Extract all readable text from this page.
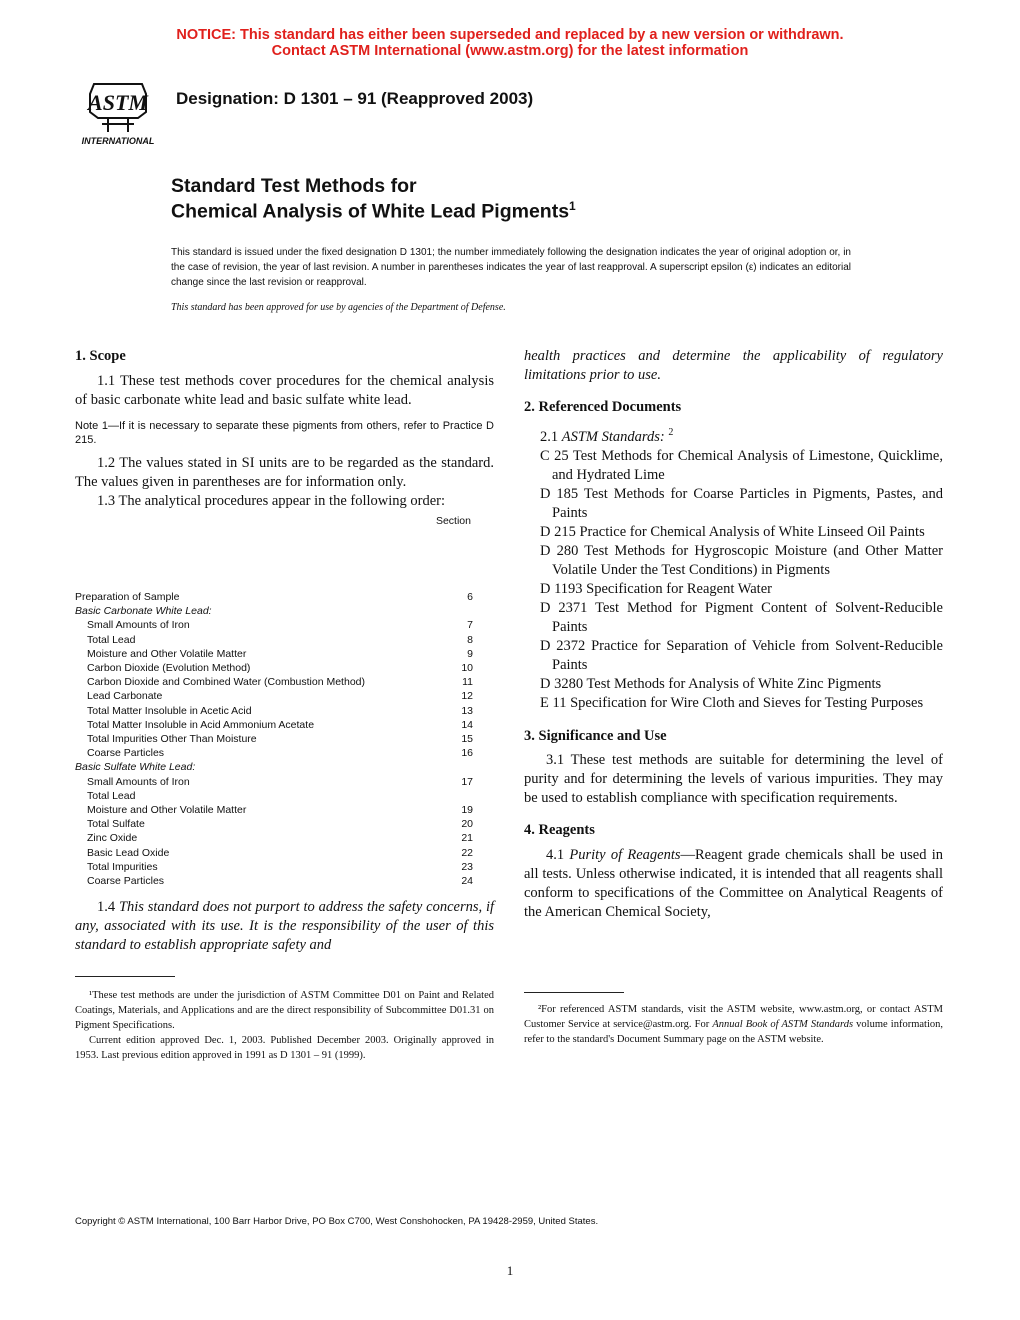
NOTICE: This standard has either been superseded and replaced by a new version or withdrawn.
Contact ASTM International (www.astm.org) for the latest information
ASTM
INTERNATIONAL
Designation: D 1301 – 91 (Reapproved 2003)
Standard Test Methods for
Chemical Analysis of White Lead Pigments$^1$
This standard is issued under the fixed designation D 1301; the number immediately following the designation indicates the year of original adoption or, in the case of revision, the year of last revision. A number in parentheses indicates the year of last reapproval. A superscript epsilon (ε) indicates an editorial change since the last revision or reapproval.
This standard has been approved for use by agencies of the Department of Defense.
1. Scope
1.1 These test methods cover procedures for the chemical analysis of basic carbonate white lead and basic sulfate white lead.
Note 1—If it is necessary to separate these pigments from others, refer to Practice D 215.
1.2 The values stated in SI units are to be regarded as the standard. The values given in parentheses are for information only.
1.3 The analytical procedures appear in the following order:
Section
Preparation of Sample	6
Basic Carbonate White Lead:
Small Amounts of Iron	7
Total Lead	8
Moisture and Other Volatile Matter	9
Carbon Dioxide (Evolution Method)	10
Carbon Dioxide and Combined Water (Combustion Method)	11
Lead Carbonate	12
Total Matter Insoluble in Acetic Acid	13
Total Matter Insoluble in Acid Ammonium Acetate	14
Total Impurities Other Than Moisture	15
Coarse Particles	16
Basic Sulfate White Lead:
Small Amounts of Iron	17
Total Lead
Moisture and Other Volatile Matter	19
Total Sulfate	20
Zinc Oxide	21
Basic Lead Oxide	22
Total Impurities	23
Coarse Particles	24
1.4 This standard does not purport to address the safety concerns, if any, associated with its use. It is the responsibility of the user of this standard to establish appropriate safety and
¹These test methods are under the jurisdiction of ASTM Committee D01 on Paint and Related Coatings, Materials, and Applications and are the direct responsibility of Subcommittee D01.31 on Pigment Specifications.
Current edition approved Dec. 1, 2003. Published December 2003. Originally approved in 1953. Last previous edition approved in 1991 as D 1301 – 91 (1999).
health practices and determine the applicability of regulatory limitations prior to use.
2. Referenced Documents
2.1 ASTM Standards: $^2$
C 25 Test Methods for Chemical Analysis of Limestone, Quicklime, and Hydrated Lime
D 185 Test Methods for Coarse Particles in Pigments, Pastes, and Paints
D 215 Practice for Chemical Analysis of White Linseed Oil Paints
D 280 Test Methods for Hygroscopic Moisture (and Other Matter Volatile Under the Test Conditions) in Pigments
D 1193 Specification for Reagent Water
D 2371 Test Method for Pigment Content of Solvent-Reducible Paints
D 2372 Practice for Separation of Vehicle from Solvent-Reducible Paints
D 3280 Test Methods for Analysis of White Zinc Pigments
E 11 Specification for Wire Cloth and Sieves for Testing Purposes
3. Significance and Use
3.1 These test methods are suitable for determining the level of purity and for determining the levels of various impurities. They may be used to establish compliance with specification requirements.
4. Reagents
4.1 Purity of Reagents—Reagent grade chemicals shall be used in all tests. Unless otherwise indicated, it is intended that all reagents shall conform to specifications of the Committee on Analytical Reagents of the American Chemical Society,
²For referenced ASTM standards, visit the ASTM website, www.astm.org, or contact ASTM Customer Service at service@astm.org. For Annual Book of ASTM Standards volume information, refer to the standard's Document Summary page on the ASTM website.
Copyright © ASTM International, 100 Barr Harbor Drive, PO Box C700, West Conshohocken, PA 19428-2959, United States.
1
